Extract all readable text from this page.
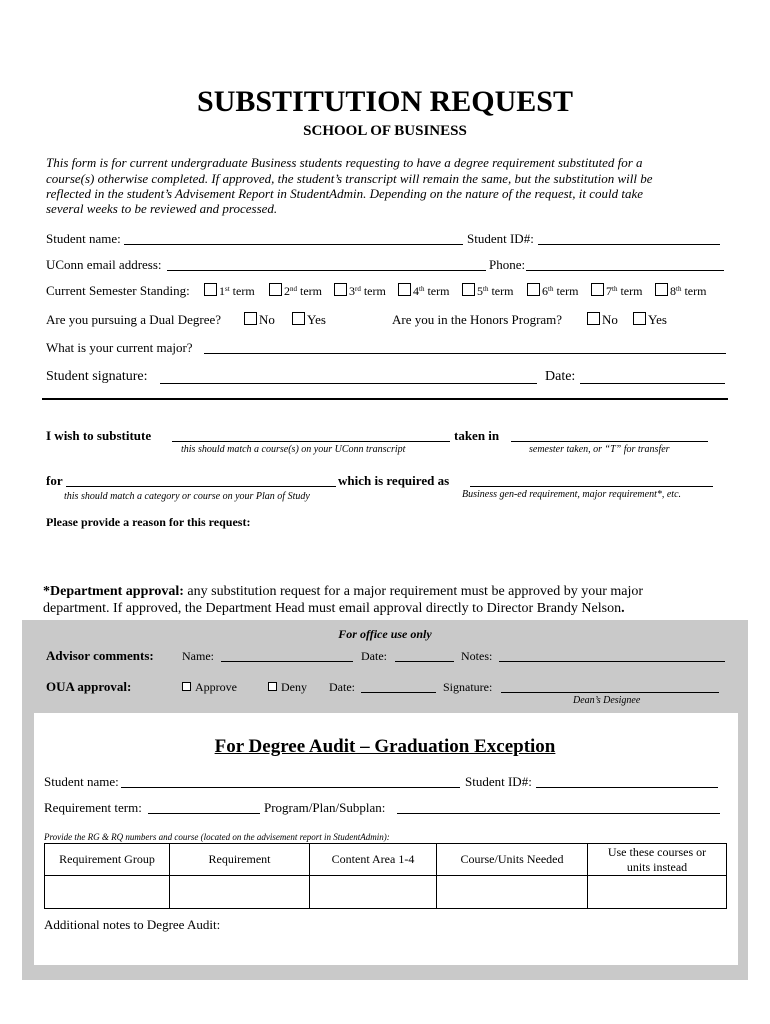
SUBSTITUTION REQUEST
SCHOOL OF BUSINESS
This form is for current undergraduate Business students requesting to have a degree requirement substituted for a
course(s) otherwise completed. If approved, the student’s transcript will remain the same, but the substitution will be
reflected in the student’s Advisement Report in StudentAdmin. Depending on the nature of the request, it could take
several weeks to be reviewed and processed.
Student name:	Student ID#:
UConn email address:	Phone:
Current Semester Standing:	1st term	2nd term	3rd term	4th term	5th term	6th term	7th term	8th term
Are you pursuing a Dual Degree?	No	Yes	Are you in the Honors Program?	No	Yes
What is your current major?
Student signature:	Date:
I wish to substitute	taken in
this should match a course(s) on your UConn transcript	semester taken, or “T” for transfer
for	which is required as
this should match a category or course on your Plan of Study	Business gen-ed requirement, major requirement*, etc.
Please provide a reason for this request:
*Department approval: any substitution request for a major requirement must be approved by your major
department. If approved, the Department Head must email approval directly to Director Brandy Nelson.
For office use only
Advisor comments: Name:	Date:	Notes:
OUA approval:	Approve	Deny Date:	Signature:
Dean’s Designee
For Degree Audit – Graduation Exception
Student name:	Student ID#:
Requirement term:	Program/Plan/Subplan:
Provide the RG & RQ numbers and course (located on the advisement report in StudentAdmin):
Requirement Group	Requirement	Content Area 1-4	Course/Units Needed	Use these courses or
units instead

Additional notes to Degree Audit:
